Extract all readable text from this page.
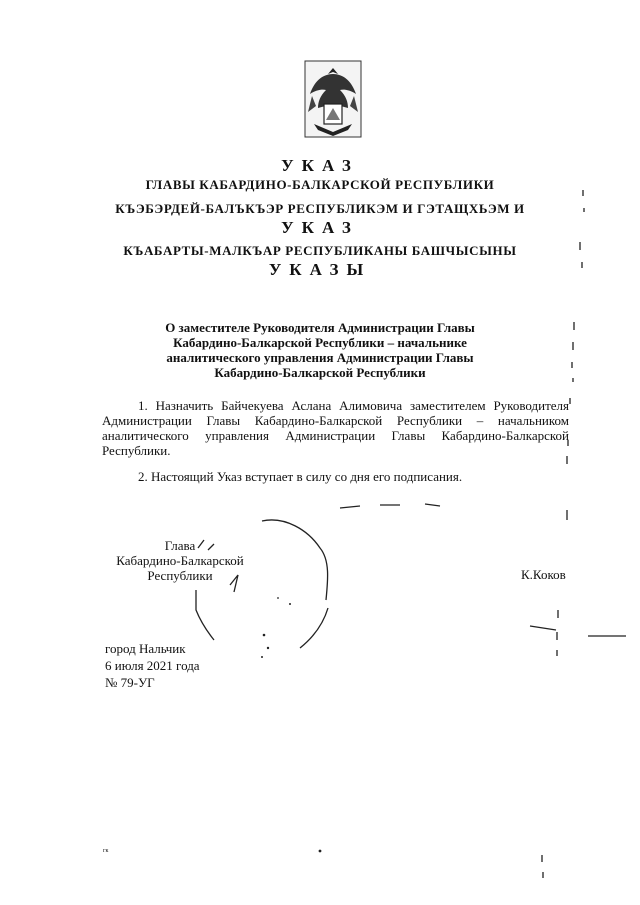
УКАЗ
ГЛАВЫ КАБАРДИНО-БАЛКАРСКОЙ РЕСПУБЛИКИ
КЪЭБЭРДЕЙ-БАЛЪКЪЭР РЕСПУБЛИКЭМ И ГЭТАЩХЬЭМ И
УКАЗ
КЪАБАРТЫ-МАЛКЪАР РЕСПУБЛИКАНЫ БАШЧЫСЫНЫ
УКАЗЫ
О заместителе Руководителя Администрации Главы
Кабардино-Балкарской Республики – начальнике
аналитического управления Администрации Главы
Кабардино-Балкарской Республики
1. Назначить Байчекуева Аслана Алимовича заместителем Руководителя Администрации Главы Кабардино-Балкарской Республики – начальником аналитического управления Администрации Главы Кабардино-Балкарской Республики.
2. Настоящий Указ вступает в силу со дня его подписания.
Глава
Кабардино-Балкарской
Республики	К.Коков
город Нальчик
6 июля 2021 года
№ 79-УГ
гк
